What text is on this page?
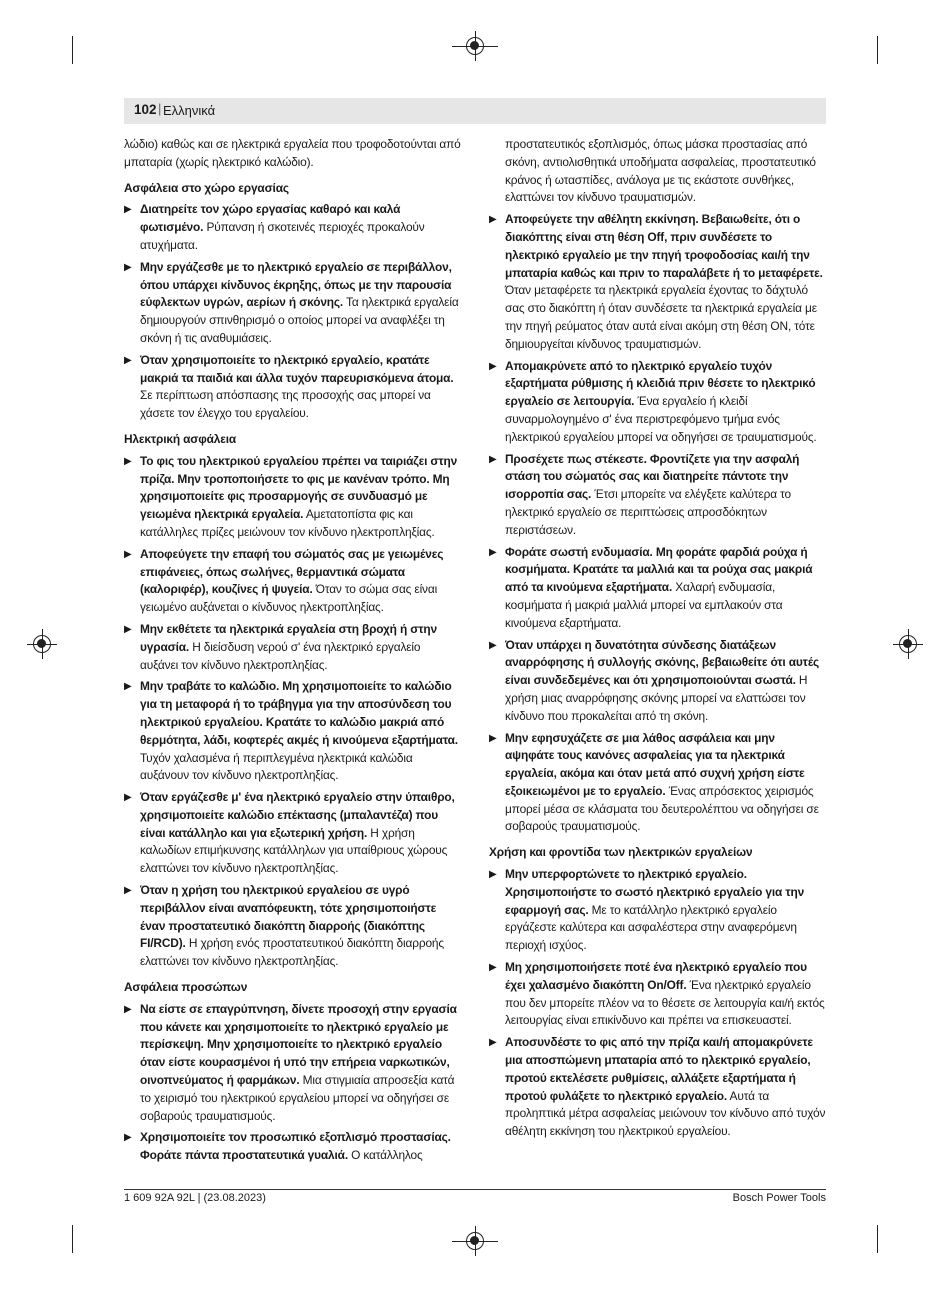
102 | Ελληνικά

λώδιο) καθώς και σε ηλεκτρικά εργαλεία που τροφοδοτούνται από μπαταρία (χωρίς ηλεκτρικό καλώδιο).

Ασφάλεια στο χώρο εργασίας

▶ Διατηρείτε τον χώρο εργασίας καθαρό και καλά φωτισμένο. Ρύπανση ή σκοτεινές περιοχές προκαλούν ατυχήματα.
▶ Μην εργάζεσθε με το ηλεκτρικό εργαλείο σε περιβάλλον, όπου υπάρχει κίνδυνος έκρηξης, όπως με την παρουσία εύφλεκτων υγρών, αερίων ή σκόνης. Τα ηλεκτρικά εργαλεία δημιουργούν σπινθηρισμό ο οποίος μπορεί να αναφλέξει τη σκόνη ή τις αναθυμιάσεις.
▶ Όταν χρησιμοποιείτε το ηλεκτρικό εργαλείο, κρατάτε μακριά τα παιδιά και άλλα τυχόν παρευρισκόμενα άτομα. Σε περίπτωση απόσπασης της προσοχής σας μπορεί να χάσετε τον έλεγχο του εργαλείου.

Ηλεκτρική ασφάλεια

▶ Το φις του ηλεκτρικού εργαλείου πρέπει να ταιριάζει στην πρίζα. Μην τροποποιήσετε το φις με κανέναν τρόπο. Μη χρησιμοποιείτε φις προσαρμογής σε συνδυασμό με γειωμένα ηλεκτρικά εργαλεία. Αμετατοπίστα φις και κατάλληλες πρίζες μειώνουν τον κίνδυνο ηλεκτροπληξίας.
▶ Αποφεύγετε την επαφή του σώματός σας με γειωμένες επιφάνειες, όπως σωλήνες, θερμαντικά σώματα (καλοριφέρ), κουζίνες ή ψυγεία. Όταν το σώμα σας είναι γειωμένο αυξάνεται ο κίνδυνος ηλεκτροπληξίας.
▶ Μην εκθέτετε τα ηλεκτρικά εργαλεία στη βροχή ή στην υγρασία. Η διείσδυση νερού σ' ένα ηλεκτρικό εργαλείο αυξάνει τον κίνδυνο ηλεκτροπληξίας.
▶ Μην τραβάτε το καλώδιο. Μη χρησιμοποιείτε το καλώδιο για τη μεταφορά ή το τράβηγμα για την αποσύνδεση του ηλεκτρικού εργαλείου. Κρατάτε το καλώδιο μακριά από θερμότητα, λάδι, κοφτερές ακμές ή κινούμενα εξαρτήματα. Τυχόν χαλασμένα ή περιπλεγμένα ηλεκτρικά καλώδια αυξάνουν τον κίνδυνο ηλεκτροπληξίας.
▶ Όταν εργάζεσθε μ' ένα ηλεκτρικό εργαλείο στην ύπαιθρο, χρησιμοποιείτε καλώδιο επέκτασης (μπαλαντέζα) που είναι κατάλληλο και για εξωτερική χρήση. Η χρήση καλωδίων επιμήκυνσης κατάλληλων για υπαίθριους χώρους ελαττώνει τον κίνδυνο ηλεκτροπληξίας.
▶ Όταν η χρήση του ηλεκτρικού εργαλείου σε υγρό περιβάλλον είναι αναπόφευκτη, τότε χρησιμοποιήστε έναν προστατευτικό διακόπτη διαρροής (διακόπτης FI/RCD). Η χρήση ενός προστατευτικού διακόπτη διαρροής ελαττώνει τον κίνδυνο ηλεκτροπληξίας.

Ασφάλεια προσώπων

▶ Να είστε σε επαγρύπνηση, δίνετε προσοχή στην εργασία που κάνετε και χρησιμοποιείτε το ηλεκτρικό εργαλείο με περίσκεψη. Μην χρησιμοποιείτε το ηλεκτρικό εργαλείο όταν είστε κουρασμένοι ή υπό την επήρεια ναρκωτικών, οινοπνεύματος ή φαρμάκων. Μια στιγμιαία απροσεξία κατά το χειρισμό του ηλεκτρικού εργαλείου μπορεί να οδηγήσει σε σοβαρούς τραυματισμούς.
▶ Χρησιμοποιείτε τον προσωπικό εξοπλισμό προστασίας. Φοράτε πάντα προστατευτικά γυαλιά. Ο κατάλληλος

προστατευτικός εξοπλισμός, όπως μάσκα προστασίας από σκόνη, αντιολισθητικά υποδήματα ασφαλείας, προστατευτικό κράνος ή ωτασπίδες, ανάλογα με τις εκάστοτε συνθήκες, ελαττώνει τον κίνδυνο τραυματισμών.

▶ Αποφεύγετε την αθέλητη εκκίνηση. Βεβαιωθείτε, ότι ο διακόπτης είναι στη θέση Off, πριν συνδέσετε το ηλεκτρικό εργαλείο με την πηγή τροφοδοσίας και/ή την μπαταρία καθώς και πριν το παραλάβετε ή το μεταφέρετε. Όταν μεταφέρετε τα ηλεκτρικά εργαλεία έχοντας το δάχτυλό σας στο διακόπτη ή όταν συνδέσετε τα ηλεκτρικά εργαλεία με την πηγή ρεύματος όταν αυτά είναι ακόμη στη θέση ON, τότε δημιουργείται κίνδυνος τραυματισμών.
▶ Απομακρύνετε από το ηλεκτρικό εργαλείο τυχόν εξαρτήματα ρύθμισης ή κλειδιά πριν θέσετε το ηλεκτρικό εργαλείο σε λειτουργία. Ένα εργαλείο ή κλειδί συναρμολογημένο σ' ένα περιστρεφόμενο τμήμα ενός ηλεκτρικού εργαλείου μπορεί να οδηγήσει σε τραυματισμούς.
▶ Προσέχετε πως στέκεστε. Φροντίζετε για την ασφαλή στάση του σώματός σας και διατηρείτε πάντοτε την ισορροπία σας. Έτσι μπορείτε να ελέγξετε καλύτερα το ηλεκτρικό εργαλείο σε περιπτώσεις απροσδόκητων περιστάσεων.
▶ Φοράτε σωστή ενδυμασία. Μη φοράτε φαρδιά ρούχα ή κοσμήματα. Κρατάτε τα μαλλιά και τα ρούχα σας μακριά από τα κινούμενα εξαρτήματα. Χαλαρή ενδυμασία, κοσμήματα ή μακριά μαλλιά μπορεί να εμπλακούν στα κινούμενα εξαρτήματα.
▶ Όταν υπάρχει η δυνατότητα σύνδεσης διατάξεων αναρρόφησης ή συλλογής σκόνης, βεβαιωθείτε ότι αυτές είναι συνδεδεμένες και ότι χρησιμοποιούνται σωστά. Η χρήση μιας αναρρόφησης σκόνης μπορεί να ελαττώσει τον κίνδυνο που προκαλείται από τη σκόνη.
▶ Μην εφησυχάζετε σε μια λάθος ασφάλεια και μην αψηφάτε τους κανόνες ασφαλείας για τα ηλεκτρικά εργαλεία, ακόμα και όταν μετά από συχνή χρήση είστε εξοικειωμένοι με το εργαλείο. Ένας απρόσεκτος χειρισμός μπορεί μέσα σε κλάσματα του δευτερολέπτου να οδηγήσει σε σοβαρούς τραυματισμούς.

Χρήση και φροντίδα των ηλεκτρικών εργαλείων

▶ Μην υπερφορτώνετε το ηλεκτρικό εργαλείο. Χρησιμοποιήστε το σωστό ηλεκτρικό εργαλείο για την εφαρμογή σας. Με το κατάλληλο ηλεκτρικό εργαλείο εργάζεστε καλύτερα και ασφαλέστερα στην αναφερόμενη περιοχή ισχύος.
▶ Μη χρησιμοποιήσετε ποτέ ένα ηλεκτρικό εργαλείο που έχει χαλασμένο διακόπτη On/Off. Ένα ηλεκτρικό εργαλείο που δεν μπορείτε πλέον να το θέσετε σε λειτουργία και/ή εκτός λειτουργίας είναι επικίνδυνο και πρέπει να επισκευαστεί.
▶ Αποσυνδέστε το φις από την πρίζα και/ή απομακρύνετε μια αποσπώμενη μπαταρία από το ηλεκτρικό εργαλείο, προτού εκτελέσετε ρυθμίσεις, αλλάξετε εξαρτήματα ή προτού φυλάξετε το ηλεκτρικό εργαλείο. Αυτά τα προληπτικά μέτρα ασφαλείας μειώνουν τον κίνδυνο από τυχόν αθέλητη εκκίνηση του ηλεκτρικού εργαλείου.
1 609 92A 92L | (23.08.2023)	Bosch Power Tools
